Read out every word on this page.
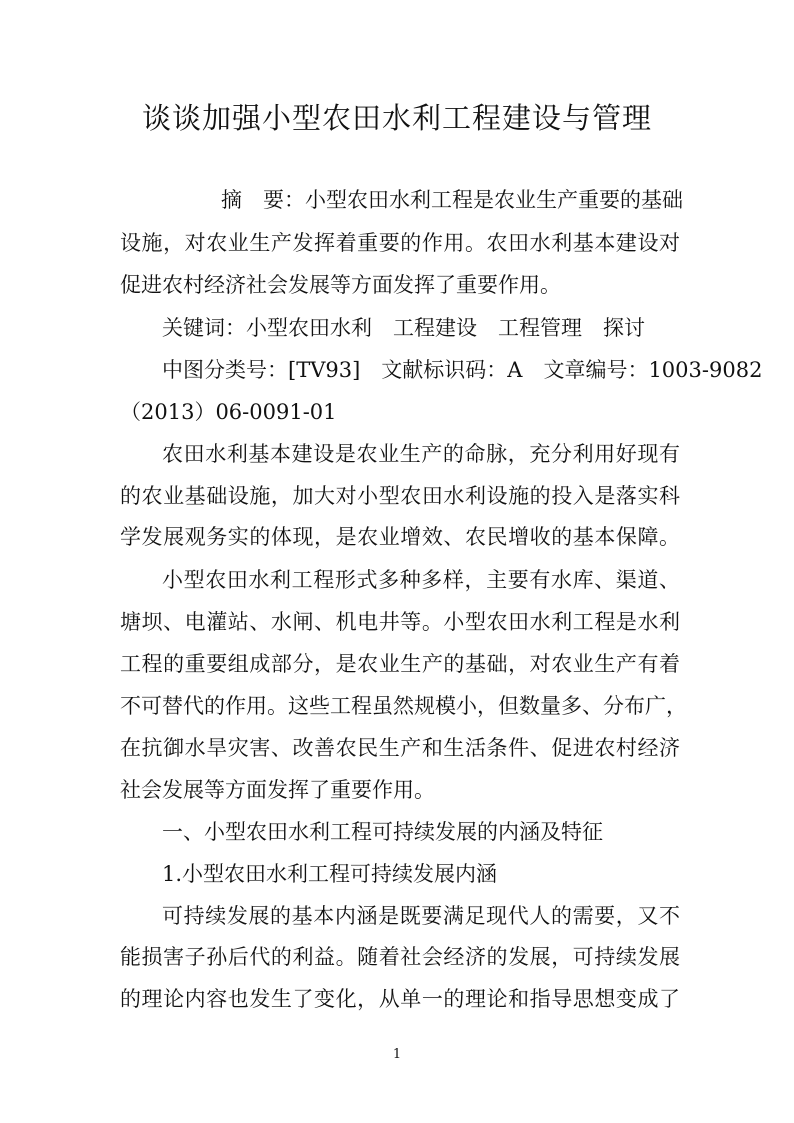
谈谈加强小型农田水利工程建设与管理
摘　要：小型农田水利工程是农业生产重要的基础
设施，对农业生产发挥着重要的作用。农田水利基本建设对
促进农村经济社会发展等方面发挥了重要作用。
关键词：小型农田水利　工程建设　工程管理　探讨
中图分类号：[TV93]　文献标识码：A　文章编号：1003-9082
（2013）06-0091-01
农田水利基本建设是农业生产的命脉，充分利用好现有
的农业基础设施，加大对小型农田水利设施的投入是落实科
学发展观务实的体现，是农业增效、农民增收的基本保障。
小型农田水利工程形式多种多样，主要有水库、渠道、
塘坝、电灌站、水闸、机电井等。小型农田水利工程是水利
工程的重要组成部分，是农业生产的基础，对农业生产有着
不可替代的作用。这些工程虽然规模小，但数量多、分布广，
在抗御水旱灾害、改善农民生产和生活条件、促进农村经济
社会发展等方面发挥了重要作用。
一、小型农田水利工程可持续发展的内涵及特征
1.小型农田水利工程可持续发展内涵
可持续发展的基本内涵是既要满足现代人的需要，又不
能损害子孙后代的利益。随着社会经济的发展，可持续发展
的理论内容也发生了变化，从单一的理论和指导思想变成了
1
